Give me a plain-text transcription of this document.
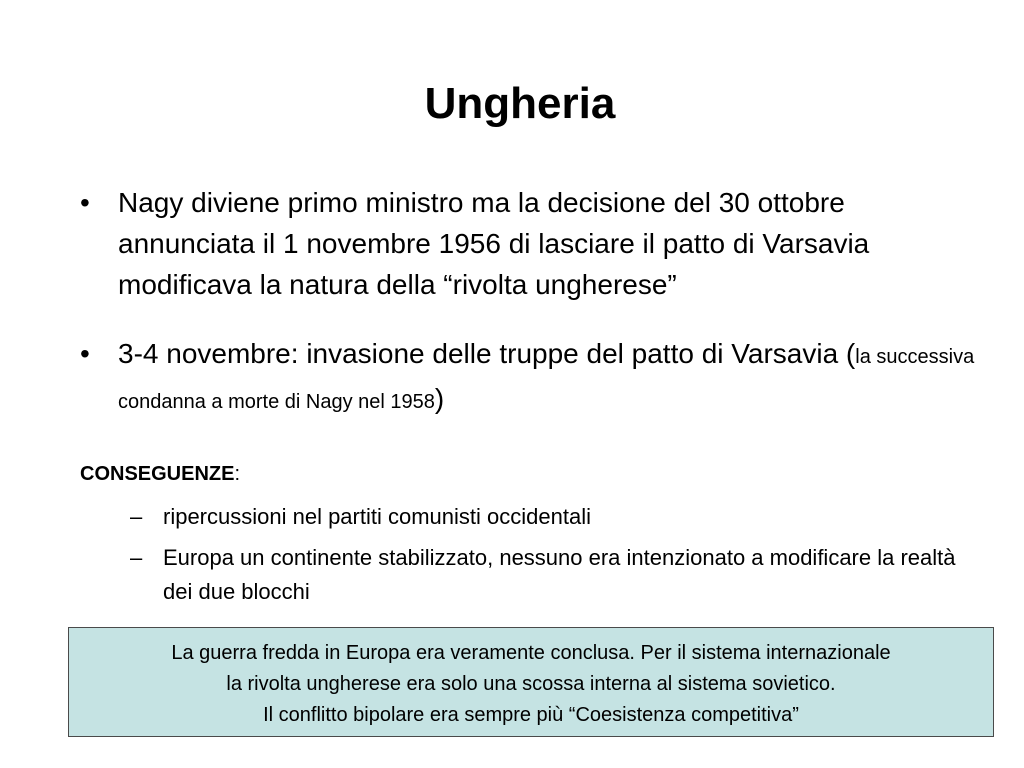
Ungheria
•	Nagy diviene primo ministro ma la decisione del 30 ottobre annunciata il 1 novembre 1956 di lasciare il patto di Varsavia modificava la natura della “rivolta ungherese”
•	3-4 novembre: invasione delle truppe del patto di Varsavia (la successiva condanna a morte di Nagy nel 1958)
CONSEGUENZE:
– ripercussioni nel partiti comunisti occidentali
– Europa un continente stabilizzato, nessuno era intenzionato a modificare la realtà dei due blocchi
La guerra fredda in Europa era veramente conclusa. Per il sistema internazionale
la rivolta ungherese era solo una scossa interna al sistema sovietico.
Il conflitto bipolare era sempre più “Coesistenza competitiva”
